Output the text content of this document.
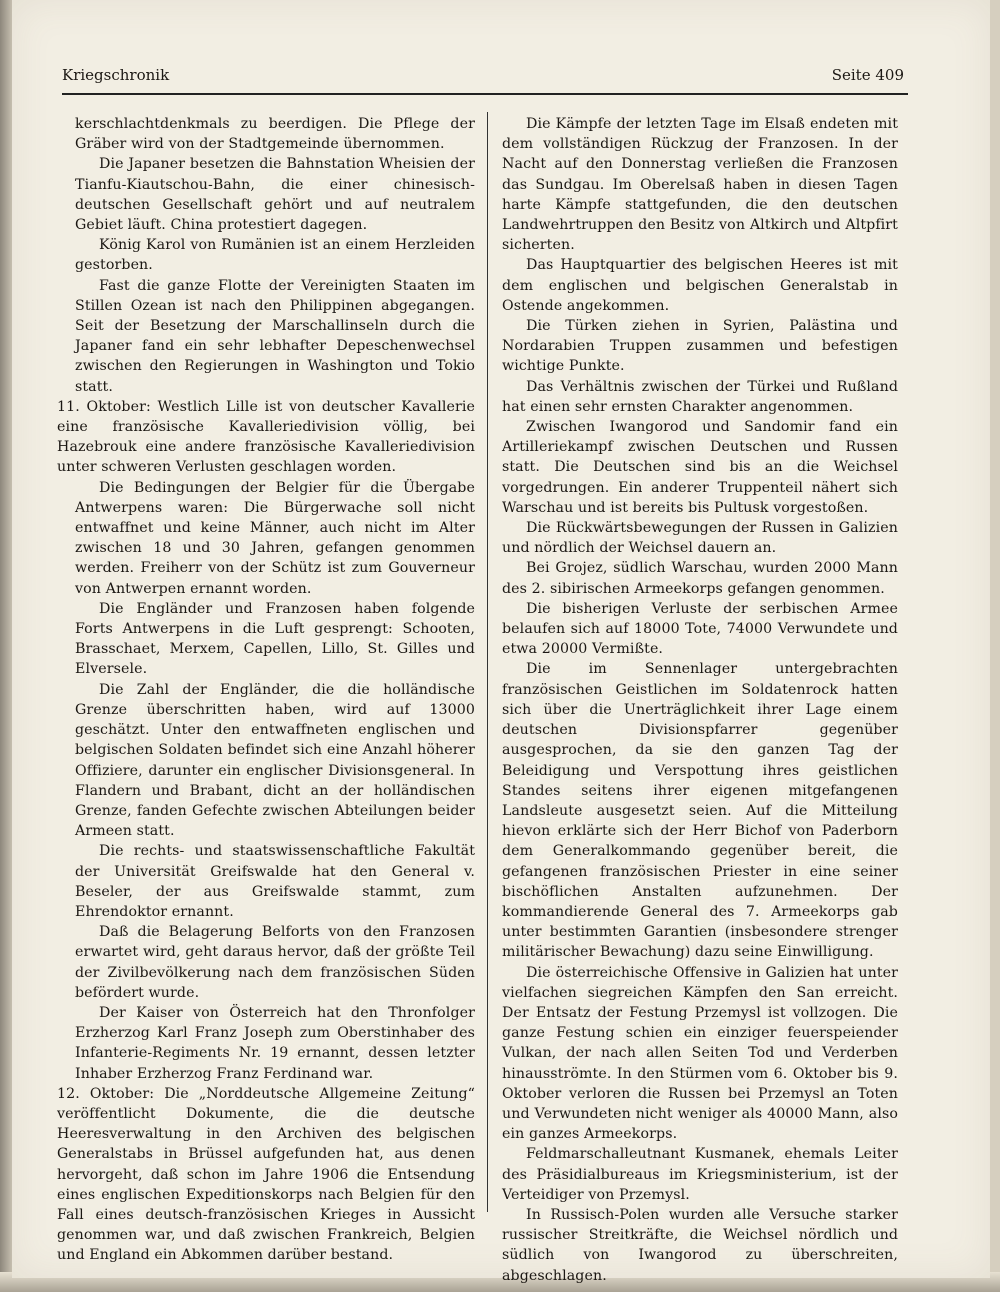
Kriegschronik	Seite 409

kerschlachtdenkmals zu beerdigen. Die Pflege der Gräber wird von der Stadtgemeinde übernommen.

Die Japaner besetzen die Bahnstation Wheisien der Tianfu-Kiautschou-Bahn, die einer chinesisch-deutschen Gesellschaft gehört und auf neutralem Gebiet läuft. China protestiert dagegen.

König Karol von Rumänien ist an einem Herzleiden gestorben.

Fast die ganze Flotte der Vereinigten Staaten im Stillen Ozean ist nach den Philippinen abgegangen. Seit der Besetzung der Marschallinseln durch die Japaner fand ein sehr lebhafter Depeschenwechsel zwischen den Regierungen in Washington und Tokio statt.

11. Oktober: Westlich Lille ist von deutscher Kavallerie eine französische Kavalleriedivision völlig, bei Hazebrouk eine andere französische Kavalleriedivision unter schweren Verlusten geschlagen worden.

Die Bedingungen der Belgier für die Übergabe Antwerpens waren: Die Bürgerwache soll nicht entwaffnet und keine Männer, auch nicht im Alter zwischen 18 und 30 Jahren, gefangen genommen werden. Freiherr von der Schütz ist zum Gouverneur von Antwerpen ernannt worden.

Die Engländer und Franzosen haben folgende Forts Antwerpens in die Luft gesprengt: Schooten, Brasschaet, Merxem, Capellen, Lillo, St. Gilles und Elversele.

Die Zahl der Engländer, die die holländische Grenze überschritten haben, wird auf 13000 geschätzt. Unter den entwaffneten englischen und belgischen Soldaten befindet sich eine Anzahl höherer Offiziere, darunter ein englischer Divisionsgeneral. In Flandern und Brabant, dicht an der holländischen Grenze, fanden Gefechte zwischen Abteilungen beider Armeen statt.

Die rechts- und staatswissenschaftliche Fakultät der Universität Greifswalde hat den General v. Beseler, der aus Greifswalde stammt, zum Ehrendoktor ernannt.

Daß die Belagerung Belforts von den Franzosen erwartet wird, geht daraus hervor, daß der größte Teil der Zivilbevölkerung nach dem französischen Süden befördert wurde.

Der Kaiser von Österreich hat den Thronfolger Erzherzog Karl Franz Joseph zum Oberstinhaber des Infanterie-Regiments Nr. 19 ernannt, dessen letzter Inhaber Erzherzog Franz Ferdinand war.

12. Oktober: Die „Norddeutsche Allgemeine Zeitung“ veröffentlicht Dokumente, die die deutsche Heeresverwaltung in den Archiven des belgischen Generalstabs in Brüssel aufgefunden hat, aus denen hervorgeht, daß schon im Jahre 1906 die Entsendung eines englischen Expeditionskorps nach Belgien für den Fall eines deutsch-französischen Krieges in Aussicht genommen war, und daß zwischen Frankreich, Belgien und England ein Abkommen darüber bestand.

Die Kämpfe der letzten Tage im Elsaß endeten mit dem vollständigen Rückzug der Franzosen. In der Nacht auf den Donnerstag verließen die Franzosen das Sundgau. Im Oberelsaß haben in diesen Tagen harte Kämpfe stattgefunden, die den deutschen Landwehrtruppen den Besitz von Altkirch und Altpfirt sicherten.

Das Hauptquartier des belgischen Heeres ist mit dem englischen und belgischen Generalstab in Ostende angekommen.

Die Türken ziehen in Syrien, Palästina und Nordarabien Truppen zusammen und befestigen wichtige Punkte.

Das Verhältnis zwischen der Türkei und Rußland hat einen sehr ernsten Charakter angenommen.

Zwischen Iwangorod und Sandomir fand ein Artilleriekampf zwischen Deutschen und Russen statt. Die Deutschen sind bis an die Weichsel vorgedrungen. Ein anderer Truppenteil nähert sich Warschau und ist bereits bis Pultusk vorgestoßen.

Die Rückwärtsbewegungen der Russen in Galizien und nördlich der Weichsel dauern an.

Bei Grojez, südlich Warschau, wurden 2000 Mann des 2. sibirischen Armeekorps gefangen genommen.

Die bisherigen Verluste der serbischen Armee belaufen sich auf 18000 Tote, 74000 Verwundete und etwa 20000 Vermißte.

Die im Sennenlager untergebrachten französischen Geistlichen im Soldatenrock hatten sich über die Unerträglichkeit ihrer Lage einem deutschen Divisionspfarrer gegenüber ausgesprochen, da sie den ganzen Tag der Beleidigung und Verspottung ihres geistlichen Standes seitens ihrer eigenen mitgefangenen Landsleute ausgesetzt seien. Auf die Mitteilung hievon erklärte sich der Herr Bichof von Paderborn dem Generalkommando gegenüber bereit, die gefangenen französischen Priester in eine seiner bischöflichen Anstalten aufzunehmen. Der kommandierende General des 7. Armeekorps gab unter bestimmten Garantien (insbesondere strenger militärischer Bewachung) dazu seine Einwilligung.

Die österreichische Offensive in Galizien hat unter vielfachen siegreichen Kämpfen den San erreicht. Der Entsatz der Festung Przemysl ist vollzogen. Die ganze Festung schien ein einziger feuerspeiender Vulkan, der nach allen Seiten Tod und Verderben hinausströmte. In den Stürmen vom 6. Oktober bis 9. Oktober verloren die Russen bei Przemysl an Toten und Verwundeten nicht weniger als 40000 Mann, also ein ganzes Armeekorps.

Feldmarschalleutnant Kusmanek, ehemals Leiter des Präsidialbureaus im Kriegsministerium, ist der Verteidiger von Przemysl.

In Russisch-Polen wurden alle Versuche starker russischer Streitkräfte, die Weichsel nördlich und südlich von Iwangorod zu überschreiten, abgeschlagen.
